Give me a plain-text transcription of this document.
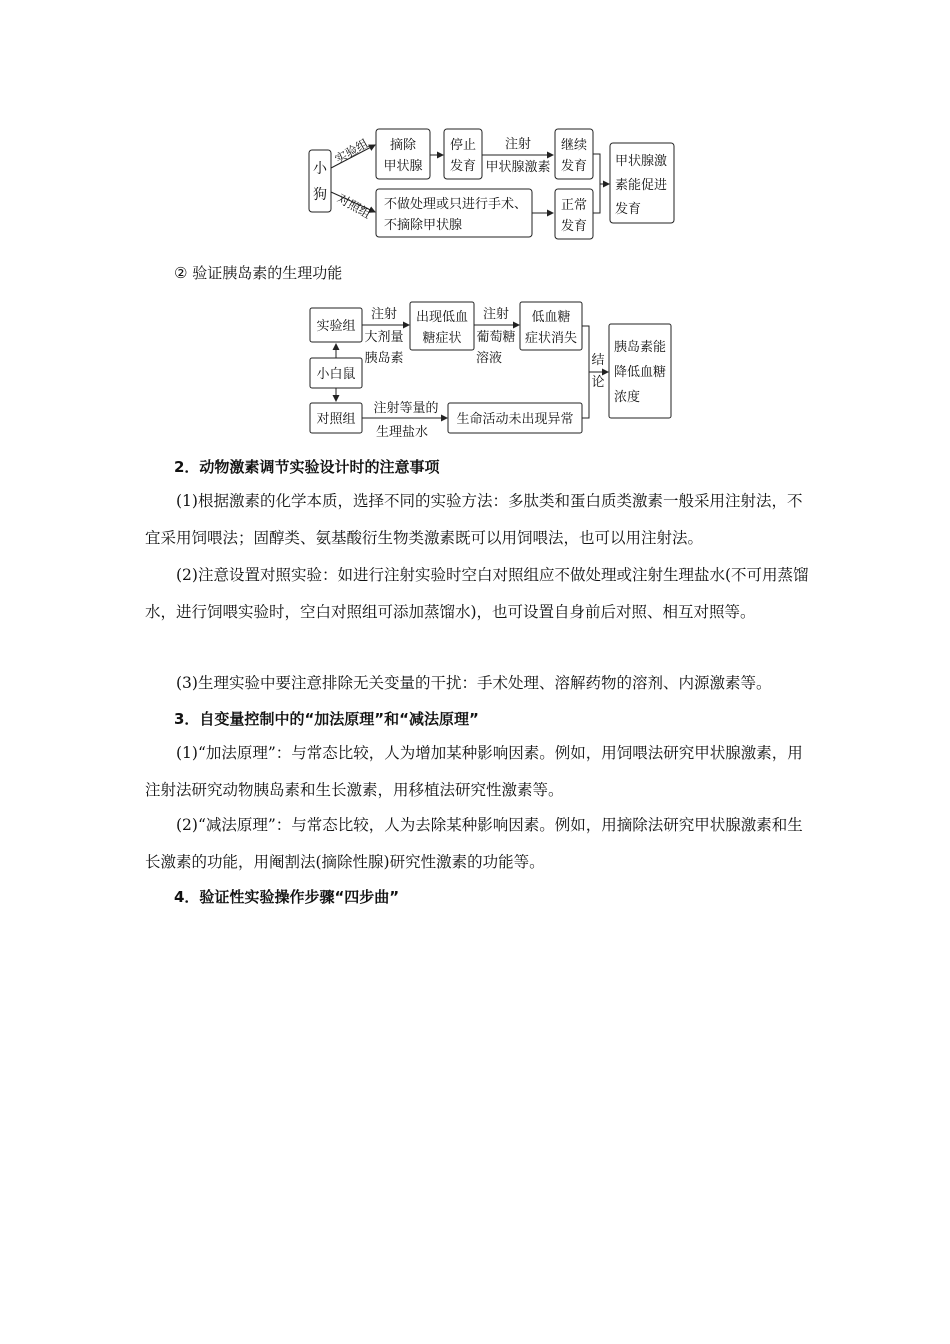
小
狗
实验组
对照组
摘除
甲状腺
停止
发育
注射
甲状腺激素
继续
发育
不做处理或只进行手术、
不摘除甲状腺
正常
发育
甲状腺激
素能促进
发育
实验组
小白鼠
对照组
注射
大剂量
胰岛素
出现低血
糖症状
注射
葡萄糖
溶液
低血糖
症状消失
注射等量的
生理盐水
生命活动未出现异常
结
论
胰岛素能
降低血糖
浓度
② 验证胰岛素的生理功能
2．动物激素调节实验设计时的注意事项
(1)根据激素的化学本质，选择不同的实验方法：多肽类和蛋白质类激素一般采用注射法，不宜采用饲喂法；固醇类、氨基酸衍生物类激素既可以用饲喂法，也可以用注射法。
(2)注意设置对照实验：如进行注射实验时空白对照组应不做处理或注射生理盐水(不可用蒸馏水，进行饲喂实验时，空白对照组可添加蒸馏水)，也可设置自身前后对照、相互对照等。
(3)生理实验中要注意排除无关变量的干扰：手术处理、溶解药物的溶剂、内源激素等。
3．自变量控制中的“加法原理”和“减法原理”
(1)“加法原理”：与常态比较，人为增加某种影响因素。例如，用饲喂法研究甲状腺激素，用注射法研究动物胰岛素和生长激素，用移植法研究性激素等。
(2)“减法原理”：与常态比较，人为去除某种影响因素。例如，用摘除法研究甲状腺激素和生长激素的功能，用阉割法(摘除性腺)研究性激素的功能等。
4．验证性实验操作步骤“四步曲”
